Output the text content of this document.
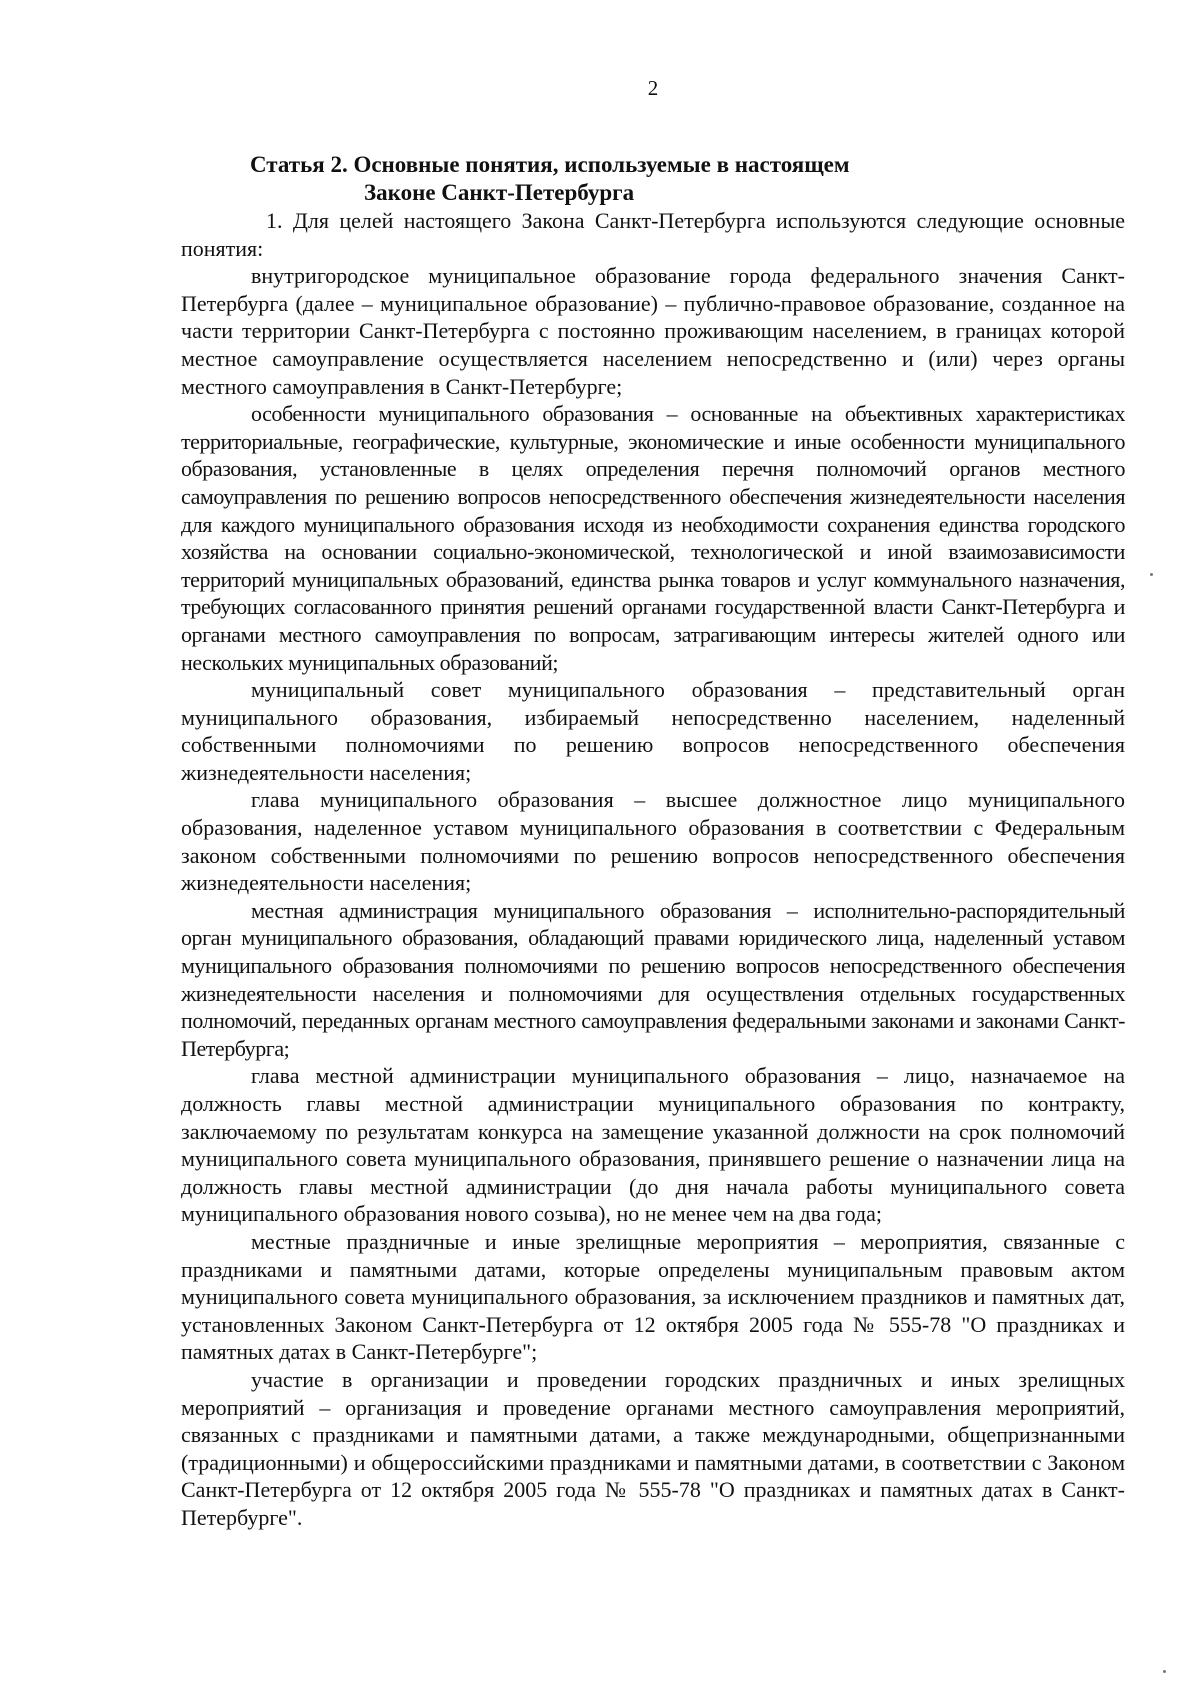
2
Статья 2. Основные понятия, используемые в настоящем
Законе Санкт-Петербурга

1. Для целей настоящего Закона Санкт-Петербурга используются следующие основные понятия:

внутригородское муниципальное образование города федерального значения Санкт-Петербурга (далее – муниципальное образование) – публично-правовое образование, созданное на части территории Санкт-Петербурга с постоянно проживающим населением, в границах которой местное самоуправление осуществляется населением непосредственно и (или) через органы местного самоуправления в Санкт-Петербурге;

особенности муниципального образования – основанные на объективных характеристиках территориальные, географические, культурные, экономические и иные особенности муниципального образования, установленные в целях определения перечня полномочий органов местного самоуправления по решению вопросов непосредственного обеспечения жизнедеятельности населения для каждого муниципального образования исходя из необходимости сохранения единства городского хозяйства на основании социально-экономической, технологической и иной взаимозависимости территорий муниципальных образований, единства рынка товаров и услуг коммунального назначения, требующих согласованного принятия решений органами государственной власти Санкт-Петербурга и органами местного самоуправления по вопросам, затрагивающим интересы жителей одного или нескольких муниципальных образований;

муниципальный совет муниципального образования – представительный орган муниципального образования, избираемый непосредственно населением, наделенный собственными полномочиями по решению вопросов непосредственного обеспечения жизнедеятельности населения;

глава муниципального образования – высшее должностное лицо муниципального образования, наделенное уставом муниципального образования в соответствии с Федеральным законом собственными полномочиями по решению вопросов непосредственного обеспечения жизнедеятельности населения;

местная администрация муниципального образования – исполнительно-распорядительный орган муниципального образования, обладающий правами юридического лица, наделенный уставом муниципального образования полномочиями по решению вопросов непосредственного обеспечения жизнедеятельности населения и полномочиями для осуществления отдельных государственных полномочий, переданных органам местного самоуправления федеральными законами и законами Санкт-Петербурга;

глава местной администрации муниципального образования – лицо, назначаемое на должность главы местной администрации муниципального образования по контракту, заключаемому по результатам конкурса на замещение указанной должности на срок полномочий муниципального совета муниципального образования, принявшего решение о назначении лица на должность главы местной администрации (до дня начала работы муниципального совета муниципального образования нового созыва), но не менее чем на два года;

местные праздничные и иные зрелищные мероприятия – мероприятия, связанные с праздниками и памятными датами, которые определены муниципальным правовым актом муниципального совета муниципального образования, за исключением праздников и памятных дат, установленных Законом Санкт-Петербурга от 12 октября 2005 года № 555-78 "О праздниках и памятных датах в Санкт-Петербурге";

участие в организации и проведении городских праздничных и иных зрелищных мероприятий – организация и проведение органами местного самоуправления мероприятий, связанных с праздниками и памятными датами, а также международными, общепризнанными (традиционными) и общероссийскими праздниками и памятными датами, в соответствии с Законом Санкт-Петербурга от 12 октября 2005 года № 555-78 "О праздниках и памятных датах в Санкт-Петербурге".
